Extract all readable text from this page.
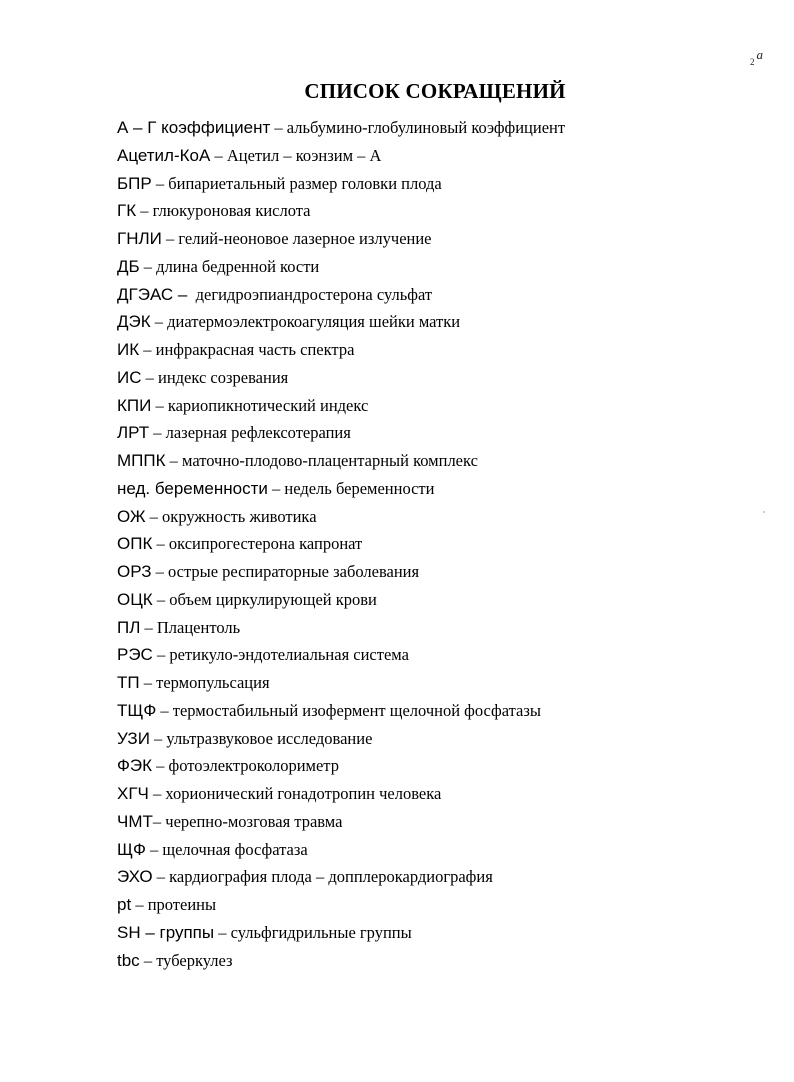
$_2$ а
СПИСОК СОКРАЩЕНИЙ
А – Г коэффициент – альбумино-глобулиновый коэффициент
Ацетил-КоА – Ацетил – коэнзим – А
БПР – бипариетальный размер головки плода
ГК – глюкуроновая кислота
ГНЛИ – гелий-неоновое лазерное излучение
ДБ – длина бедренной кости
ДГЭАС – дегидроэпиандростерона сульфат
ДЭК – диатермоэлектрокоагуляция шейки матки
ИК – инфракрасная часть спектра
ИС – индекс созревания
КПИ – кариопикнотический индекс
ЛРТ – лазерная рефлексотерапия
МППК – маточно-плодово-плацентарный комплекс
нед. беременности – недель беременности
ОЖ – окружность животика
ОПК – оксипрогестерона капронат
ОРЗ – острые респираторные заболевания
ОЦК – объем циркулирующей крови
ПЛ – Плацентоль
РЭС – ретикуло-эндотелиальная система
ТП – термопульсация
ТЩФ – термостабильный изофермент щелочной фосфатазы
УЗИ – ультразвуковое исследование
ФЭК – фотоэлектроколориметр
ХГЧ – хорионический гонадотропин человека
ЧМТ– черепно-мозговая травма
ЩФ – щелочная фосфатаза
ЭХО – кардиография плода – допплерокардиография
pt – протеины
SH – группы – сульфгидрильные группы
tbc – туберкулез
